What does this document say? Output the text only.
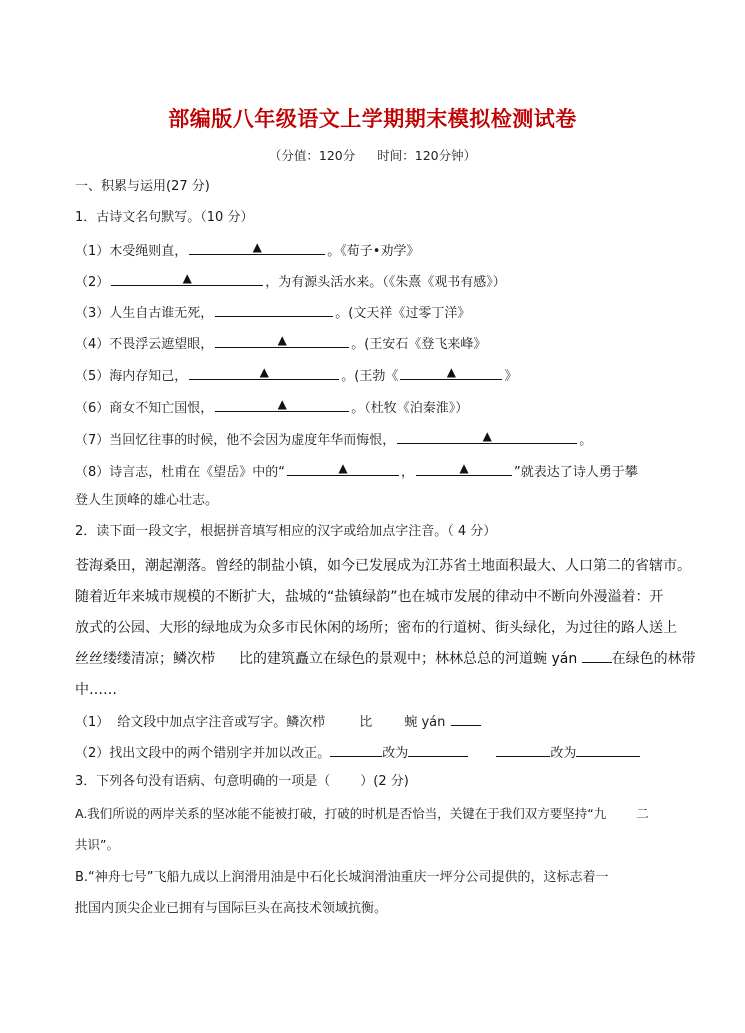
部编版八年级语文上学期期末模拟检测试卷
（分值：120分 时间：120分钟）
一、积累与运用(27 分)
1．古诗文名句默写。（10 分）
（1）木受绳则直，	▲	。《荀子•劝学》
（2）	▲	，为有源头活水来。（《朱熹《观书有感》）
（3）人生自古谁无死，	。(文天祥《过零丁洋》
（4）不畏浮云遮望眼，	▲	。(王安石《登飞来峰》
（5）海内存知己，	▲	。(王勃《	▲	》
（6）商女不知亡国恨，	▲	。（杜牧《泊秦淮》）
（7）当回忆往事的时候，他不会因为虚度年华而悔恨，	▲	。
（8）诗言志，杜甫在《望岳》中的“	▲	，	▲	”就表达了诗人勇于攀
登人生顶峰的雄心壮志。
2．读下面一段文字，根据拼音填写相应的汉字或给加点字注音。（ 4 分）
苍海桑田，潮起潮落。曾经的制盐小镇，如今已发展成为江苏省土地面积最大、人口第二的省辖市。
随着近年来城市规模的不断扩大，盐城的“盐镇绿韵”也在城市发展的律动中不断向外漫溢着：开
放式的公园、大形的绿地成为众多市民休闲的场所；密布的行道树、街头绿化，为过往的路人送上
丝丝缕缕清凉；鳞次栉 比的建筑矗立在绿色的景观中；林林总总的河道蜿 yán 在绿色的林带
中……
（1） 给文段中加点字注音或写字。鳞次栉	比 蜿 yán
（2）找出文段中的两个错别字并加以改正。	改为	改为
3．下列各句没有语病、句意明确的一项是（ ）(2 分)
A.我们所说的两岸关系的坚冰能不能被打破，打破的时机是否恰当，关键在于我们双方要坚持“九 二
共识”。
B.“神舟七号”飞船九成以上润滑用油是中石化长城润滑油重庆一坪分公司提供的，这标志着一
批国内顶尖企业已拥有与国际巨头在高技术领域抗衡。
